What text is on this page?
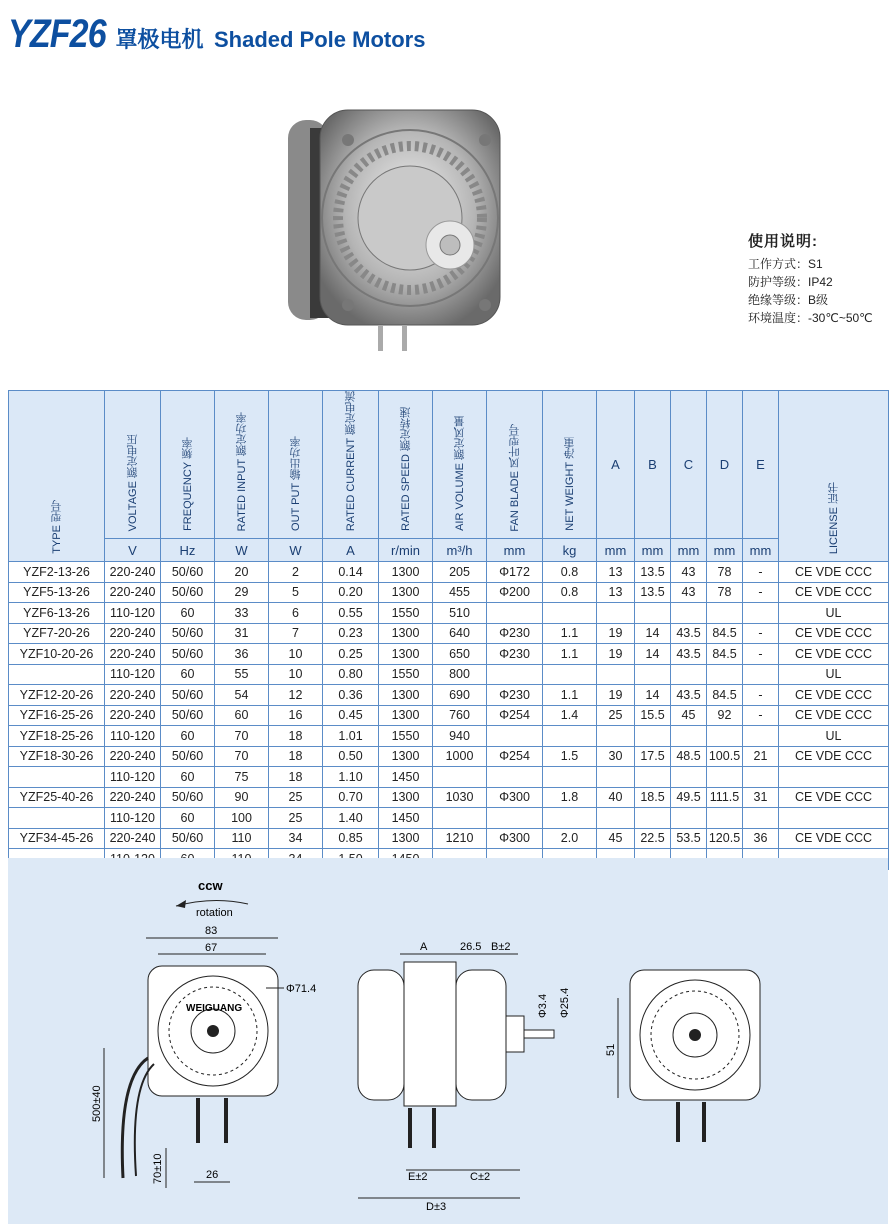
YZF26 罩极电机 Shaded Pole Motors
使用说明:
工作方式：S1
防护等级：IP42
绝缘等级：B级
环境温度：-30℃~50℃
TYPE 型号	VOLTAGE 额定电压	FREQUENCY 频率	RATED INPUT 额定功率	OUT PUT 输出功率	RATED CURRENT 额定电流	RATED SPEED 额定转速	AIR VOLUME 额定风量	FAN BLADE 风叶型号	NET WEIGHT 净重	A	B	C	D	E	LICENSE 证书
	V	Hz	W	W	A	r/min	m³/h	mm	kg	mm	mm	mm	mm	mm	
YZF2-13-26	220-240	50/60	20	2	0.14	1300	205	Φ172	0.8	13	13.5	43	78	-	CE VDE CCC
YZF5-13-26	220-240	50/60	29	5	0.20	1300	455	Φ200	0.8	13	13.5	43	78	-	CE VDE CCC
YZF6-13-26	110-120	60	33	6	0.55	1550	510								UL
YZF7-20-26	220-240	50/60	31	7	0.23	1300	640	Φ230	1.1	19	14	43.5	84.5	-	CE VDE CCC
YZF10-20-26	220-240	50/60	36	10	0.25	1300	650	Φ230	1.1	19	14	43.5	84.5	-	CE VDE CCC
	110-120	60	55	10	0.80	1550	800								UL
YZF12-20-26	220-240	50/60	54	12	0.36	1300	690	Φ230	1.1	19	14	43.5	84.5	-	CE VDE CCC
YZF16-25-26	220-240	50/60	60	16	0.45	1300	760	Φ254	1.4	25	15.5	45	92	-	CE VDE CCC
YZF18-25-26	110-120	60	70	18	1.01	1550	940								UL
YZF18-30-26	220-240	50/60	70	18	0.50	1300	1000	Φ254	1.5	30	17.5	48.5	100.5	21	CE VDE CCC
	110-120	60	75	18	1.10	1450									
YZF25-40-26	220-240	50/60	90	25	0.70	1300	1030	Φ300	1.8	40	18.5	49.5	111.5	31	CE VDE CCC
	110-120	60	100	25	1.40	1450									
YZF34-45-26	220-240	50/60	110	34	0.85	1300	1210	Φ300	2.0	45	22.5	53.5	120.5	36	CE VDE CCC

ccw
rotation
83
67
WEIGUANG
Φ71.4
500±40
70±10	26
A	26.5 B±2
Φ3.4 Φ25.4
E±2	C±2
D±3
51
